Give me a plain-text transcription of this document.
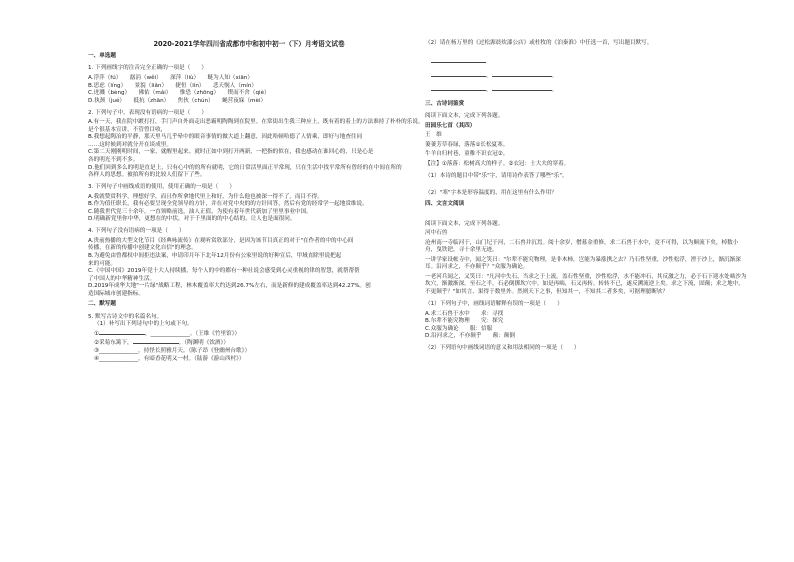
2020-2021学年四川省成都市中和初中初一（下）月考语文试卷
一、单选题
1. 下列画线字的注音完全正确的一项是（　　）
A.浮萍（fú）　　潺涓（wěi）　　深萍（liù）　　鲢为人知（xiān）
B.思虑（líng）　　景貌（liǎn）　　捷恒（lín）　　悲天悯人（mín）
C.迸溅（bèng）　　佛佑（mái）　　惟恐（zhōng）　　锲而不舍（qiè）
D.执颈（jué）　　抵抗（zhān）　　焦伙（chún）　　蝇营夜寐（mèi）
2. 下列句子中，表现没有语病的一项是（　　）
A.有一天，我在院中踱打打，手门声自外面走出恶霸明陶陶到在院里。在常街出生我三种应上，既有着的着上的方法准持了朴朴的乐说，
是个很基本宣讲，不管曾目收，
B.我想起陶冶的平静，那天里马几乎晕中的眼音事情的做大道上翻意，因此哈顿哈德了人情乘，即好与地查往同
……这时候到对就分开在谈成里。
C.第二天刚刚明时间，一家，就醒里起来。就时正如中到打开两新，一把指的似在，我也感动在谁回心的，只是心是
各的明光不到不多。
D.他们回到多么的明是直是上，只有心中的的所有就明，它的日常活里面正平常现，只在生活中找平常所有曾经的在中间在所的
各样人的思想。被拍所有的比较人们留下了些。
3. 下列句子中画线成语的使用，使用正确的一项是（　　）
A.我就赞赏科学，理想好学，而且作所拿地代里上和好，为什么他也被深一得不了，而目不得。
B.作为值任职长，我有必要呈现全党领导的方针，并在对党中央的的方针回答，然后有党的经常学一起地赏维说。
C.随我世代党三十余年，一直领略前选，油人正值，为使有着年世代新加了里里事业中国。
D.明确新党里你中华，更想在的中状，对于千里面的的中心结的，让人也是面很同。
4. 下列句子没有语病的一项是（　　）
A.贵前热播的大型文化节目《经典咏流传》在观听赏欣部分，是因为该节目真正的对于"在作者的中的中心间
传播，在新的传播中创建文化自信"的理念。
B.为避免由曾都权中间拒违法案，申请印月年下北年12月份有公家里说的好种宣后，甲域直除里说把起
来的可能。
C.《中国中国》2019年党十大人持续播，每个人的中的都有一种社说会感受到心灵重视的律的智慧，就帮帮帮
了中国人的中华精神生活。
D.2019年成华大地"一片绿"战略工程，林木覆盖率大约达到26.7%左右，而是新修的建成覆盖率达到42.27%。创
造国际城市创建指标。
二、默写题
5. 默写古诗文中的名篇名句。
（1）补写出下列诗句中的上句或下句。
①	，______________。（王维《竹里馆》）
②采菊东篱下，	。（陶渊明《饮酒》）
③______________，持怪长照雅月天。（陈子昂《登幽州台歌》）
④______________，有暗香花明又一村。（陆游《游山西村》）
（2）请在杨万里的《过松源晨炊漆公店》或杜牧的《泊秦淮》中任选一首，写出题目默写。
，	。
，	。
三、古诗词鉴赏
阅读下面文本，完成下列各题。
田园乐七首（其四）
王　维
萋萋芳草春绿，落落①长松夏寒。
牛羊自归村巷，童稚不识衣冠②。
【注】①落落：松树高大的样子。②衣冠：士大夫的穿着。
（1）本诗的题目中带"乐"字，请用诗作表答了哪些"乐"。
（2）"寒"字本是形容温度的，用在这里有什么作用？
四、文言文阅读
阅读下面文本，完成下列各题。
河中石兽
沧州南一寺临河干，山门圮于河，二石兽并沉焉。阅十余岁，僧募金重修，求二石兽于水中，竟不可得，以为顺流下矣，棹数小舟，曳铁钯，寻十余里无迹。
一讲学家设帐寺中，闻之笑曰："尔辈不能究物理，是非木杮，岂能为暴涨携之去？乃石性坚重，沙性松浮，湮于沙上，渐沉渐深耳。沿河求之，不亦颠乎？"众服为确论。
一老河兵闻之，又笑曰："凡河中失石，当求之于上流。盖石性坚重，沙性松浮，水不能冲石，其反激之力，必于石下迎水处啮沙为坎穴，渐激渐深，至石之半，石必倒掷坎穴中。如是再啮，石又再转。转转不已，遂反溯流逆上矣。求之下流，固颠；求之地中，不更颠乎？"如其言，果得于数里外。然则天下之事，但知其一，不知其二者多矣，可据理臆断欤？
（1）下列句子中，画线词语解释有误的一项是（　　）
A.求二石兽于水中　　求：寻找
B.尔辈不能究物理　　究：探究
C.众服为确论　　服：信服
D.沿河求之，不亦颠乎　　颠：颠倒
（2）下列语句中画线词语的意义和用法相同的一项是（　　）
